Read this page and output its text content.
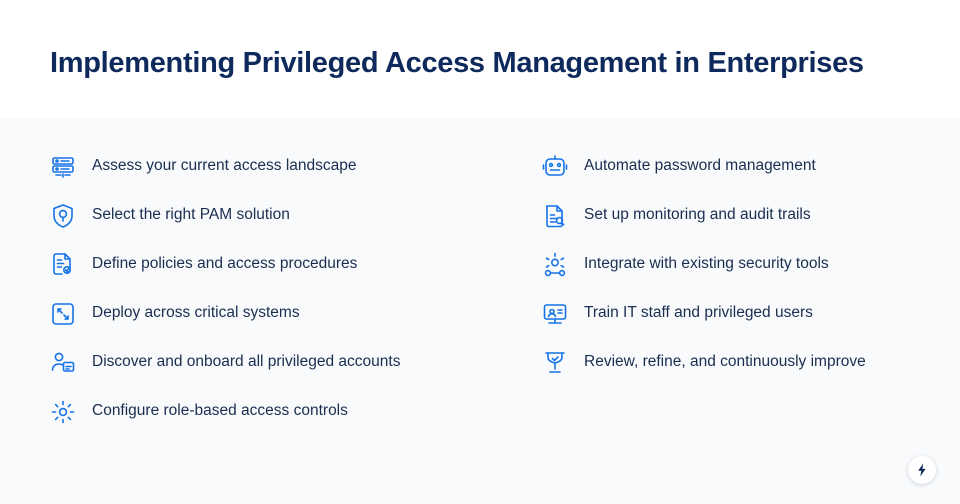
Implementing Privileged Access Management in Enterprises
Assess your current access landscape
Select the right PAM solution
Define policies and access procedures
Deploy across critical systems
Discover and onboard all privileged accounts
Configure role-based access controls
Automate password management
Set up monitoring and audit trails
Integrate with existing security tools
Train IT staff and privileged users
Review, refine, and continuously improve
